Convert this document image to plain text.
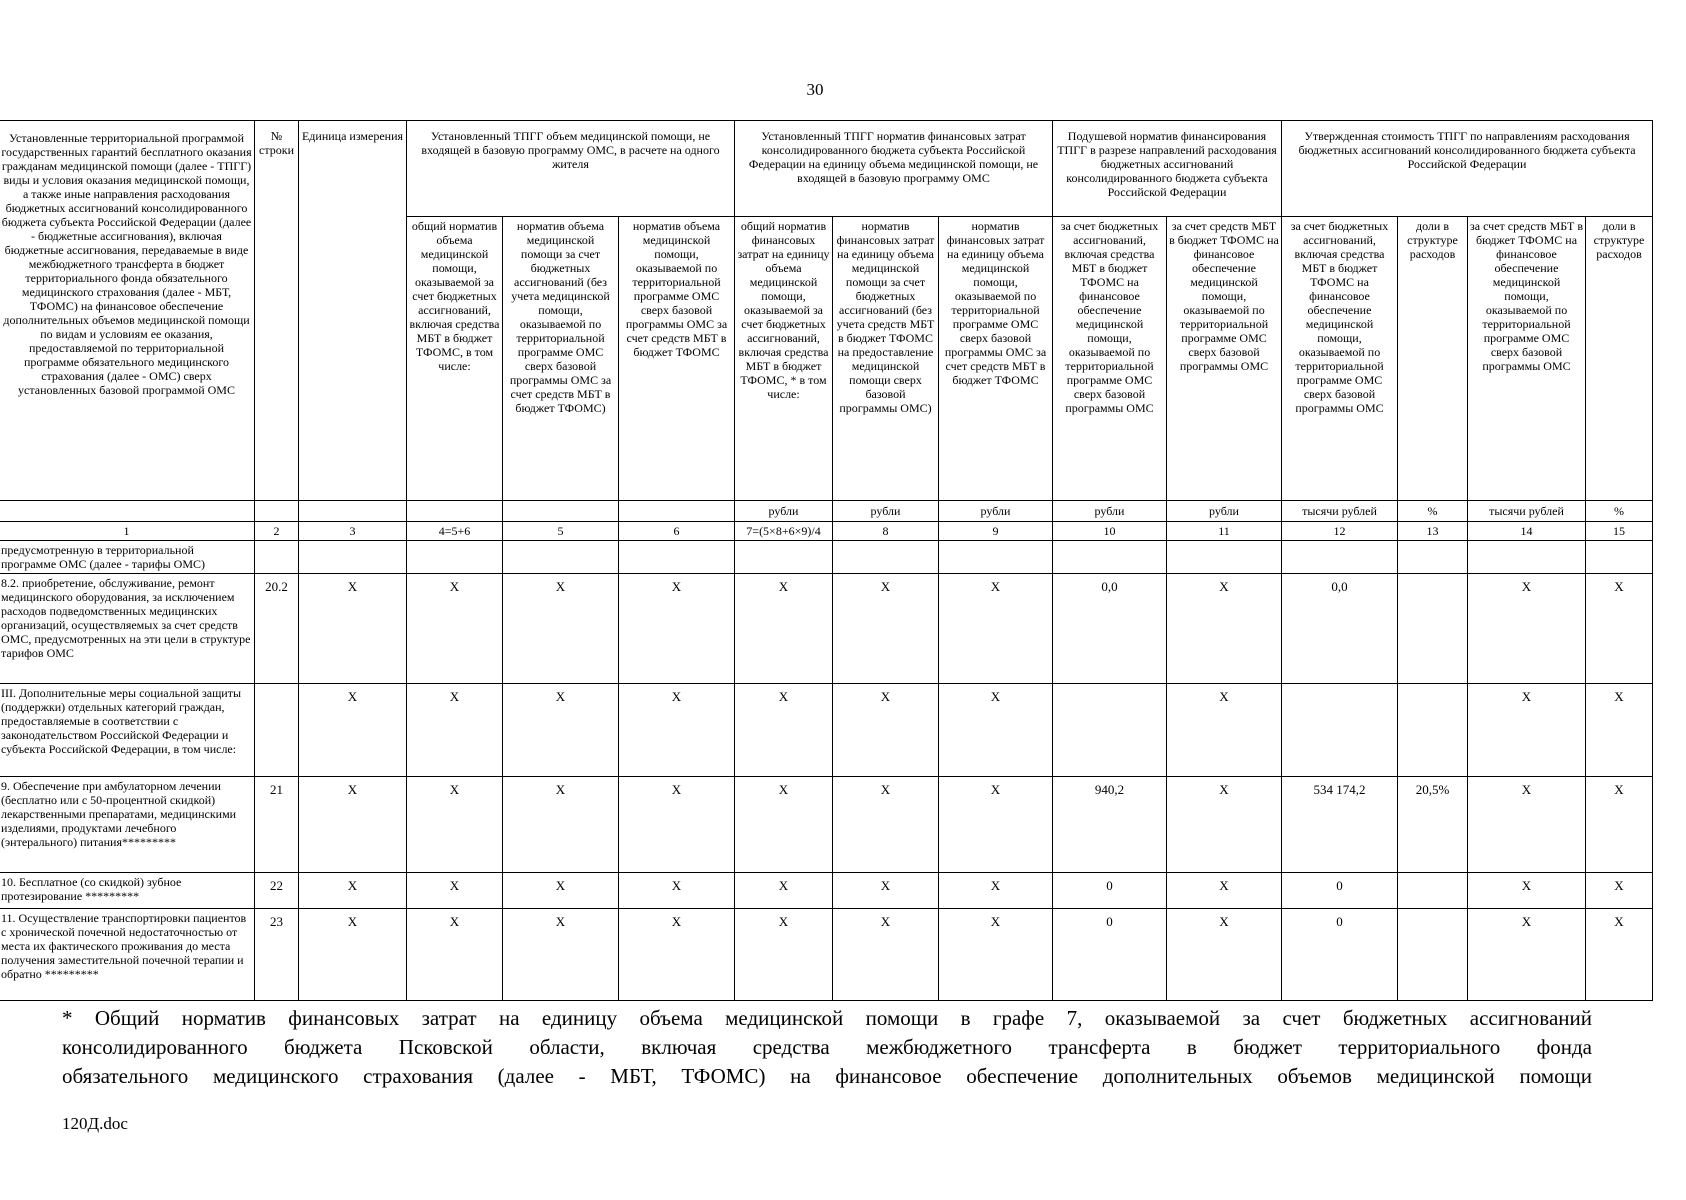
30
Установленные территориальной программой государственных гарантий бесплатного оказания гражданам медицинской помощи (далее - ТПГГ) виды и условия оказания медицинской помощи, а также иные направления расходования бюджетных ассигнований консолидированного бюджета субъекта Российской Федерации (далее - бюджетные ассигнования), включая бюджетные ассигнования, передаваемые в виде межбюджетного трансферта в бюджет территориального фонда обязательного медицинского страхования (далее - МБТ, ТФОМС) на финансовое обеспечение дополнительных объемов медицинской помощи по видам и условиям ее оказания, предоставляемой по территориальной программе обязательного медицинского страхования (далее - ОМС) сверх установленных базовой программой ОМС	№ строки	Единица измерения	Установленный ТПГГ объем медицинской помощи, не входящей в базовую программу ОМС, в расчете на одного жителя			Установленный ТПГГ норматив финансовых затрат консолидированного бюджета субъекта Российской Федерации на единицу объема медицинской помощи, не входящей в базовую программу ОМС			Подушевой норматив финансирования ТПГГ в разрезе направлений расходования бюджетных ассигнований консолидированного бюджета субъекта Российской Федерации		Утвержденная стоимость ТПГГ по направлениям расходования бюджетных ассигнований консолидированного бюджета субъекта Российской Федерации			
			общий норматив объема медицинской помощи, оказываемой за счет бюджетных ассигнований, включая средства МБТ в бюджет ТФОМС, в том числе:	норматив объема медицинской помощи за счет бюджетных ассигнований (без учета медицинской помощи, оказываемой по территориальной программе ОМС сверх базовой программы ОМС за счет средств МБТ в бюджет ТФОМС)	норматив объема медицинской помощи, оказываемой по территориальной программе ОМС сверх базовой программы ОМС за счет средств МБТ в бюджет ТФОМС	общий норматив финансовых затрат на единицу объема медицинской помощи, оказываемой за счет бюджетных ассигнований, включая средства МБТ в бюджет ТФОМС, * в том числе:	норматив финансовых затрат на единицу объема медицинской помощи за счет бюджетных ассигнований (без учета средств МБТ в бюджет ТФОМС на предоставление медицинской помощи сверх базовой программы ОМС)	норматив финансовых затрат на единицу объема медицинской помощи, оказываемой по территориальной программе ОМС сверх базовой программы ОМС за счет средств МБТ в бюджет ТФОМС	за счет бюджетных ассигнований, включая средства МБТ в бюджет ТФОМС на финансовое обеспечение медицинской помощи, оказываемой по территориальной программе ОМС сверх базовой программы ОМС	за счет средств МБТ в бюджет ТФОМС на финансовое обеспечение медицинской помощи, оказываемой по территориальной программе ОМС сверх базовой программы ОМС	за счет бюджетных ассигнований, включая средства МБТ в бюджет ТФОМС на финансовое обеспечение медицинской помощи, оказываемой по территориальной программе ОМС сверх базовой программы ОМС	доли в структуре расходов	за счет средств МБТ в бюджет ТФОМС на финансовое обеспечение медицинской помощи, оказываемой по территориальной программе ОМС сверх базовой программы ОМС	доли в структуре расходов
						рубли	рубли	рубли	рубли	рубли	тысячи рублей	%	тысячи рублей	%
1	2	3	4=5+6	5	6	7=(5×8+6×9)/4	8	9	10	11	12	13	14	15
предусмотренную в территориальной программе ОМС (далее - тарифы ОМС)														
8.2. приобретение, обслуживание, ремонт медицинского оборудования, за исключением расходов подведомственных медицинских организаций, осуществляемых за счет средств ОМС, предусмотренных на эти цели в структуре тарифов ОМС	20.2	X	X	X	X	X	X	X	0,0	X	0,0		X	X
III. Дополнительные меры социальной защиты (поддержки) отдельных категорий граждан, предоставляемые в соответствии с законодательством Российской Федерации и субъекта Российской Федерации, в том числе:		X	X	X	X	X	X	X		X			X	X
9. Обеспечение при амбулаторном лечении (бесплатно или с 50-процентной скидкой) лекарственными препаратами, медицинскими изделиями, продуктами лечебного (энтерального) питания*********	21	X	X	X	X	X	X	X	940,2	X	534 174,2	20,5%	X	X
10. Бесплатное (со скидкой) зубное протезирование *********	22	X	X	X	X	X	X	X	0	X	0		X	X
11. Осуществление транспортировки пациентов с хронической почечной недостаточностью от места их фактического проживания до места получения заместительной почечной терапии и обратно *********	23	X	X	X	X	X	X	X	0	X	0		X	X
* Общий норматив финансовых затрат на единицу объема медицинской помощи в графе 7, оказываемой за счет бюджетных ассигнований
консолидированного бюджета Псковской области, включая средства межбюджетного трансферта в бюджет территориального фонда
обязательного медицинского страхования (далее - МБТ, ТФОМС) на финансовое обеспечение дополнительных объемов медицинской помощи
120Д.doc
